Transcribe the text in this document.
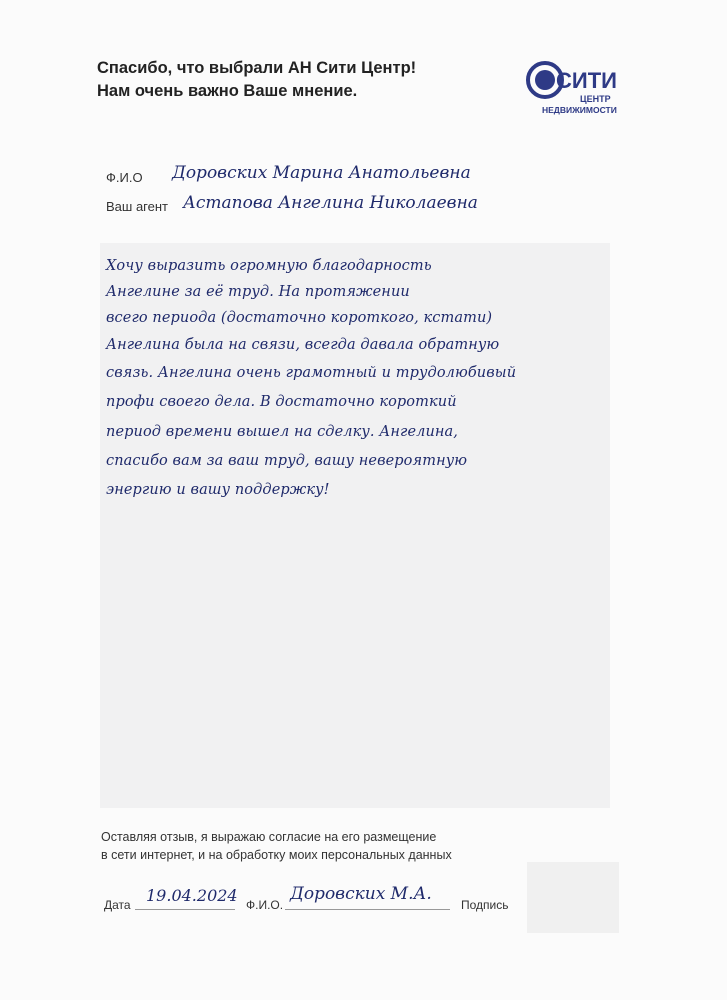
Спасибо, что выбрали АН Сити Центр!
Нам очень важно Ваше мнение.	СИТИ
ЦЕНТР
НЕДВИЖИМОСТИ
Ф.И.О Доровских Марина Анатольевна
Ваш агент Астапова Ангелина Николаевна
Хочу выразить огромную благодарность
Ангелине за её труд. На протяжении
всего периода (достаточно короткого, кстати)
Ангелина была на связи, всегда давала обратную
связь. Ангелина очень грамотный и трудолюбивый
профи своего дела. В достаточно короткий
период времени вышел на сделку. Ангелина,
спасибо вам за ваш труд, вашу невероятную
энергию и вашу поддержку!
Оставляя отзыв, я выражаю согласие на его размещение
в сети интернет, и на обработку моих персональных данных
Дата 19.04.2024 Ф.И.О.
Доровских М.А.
Подпись
